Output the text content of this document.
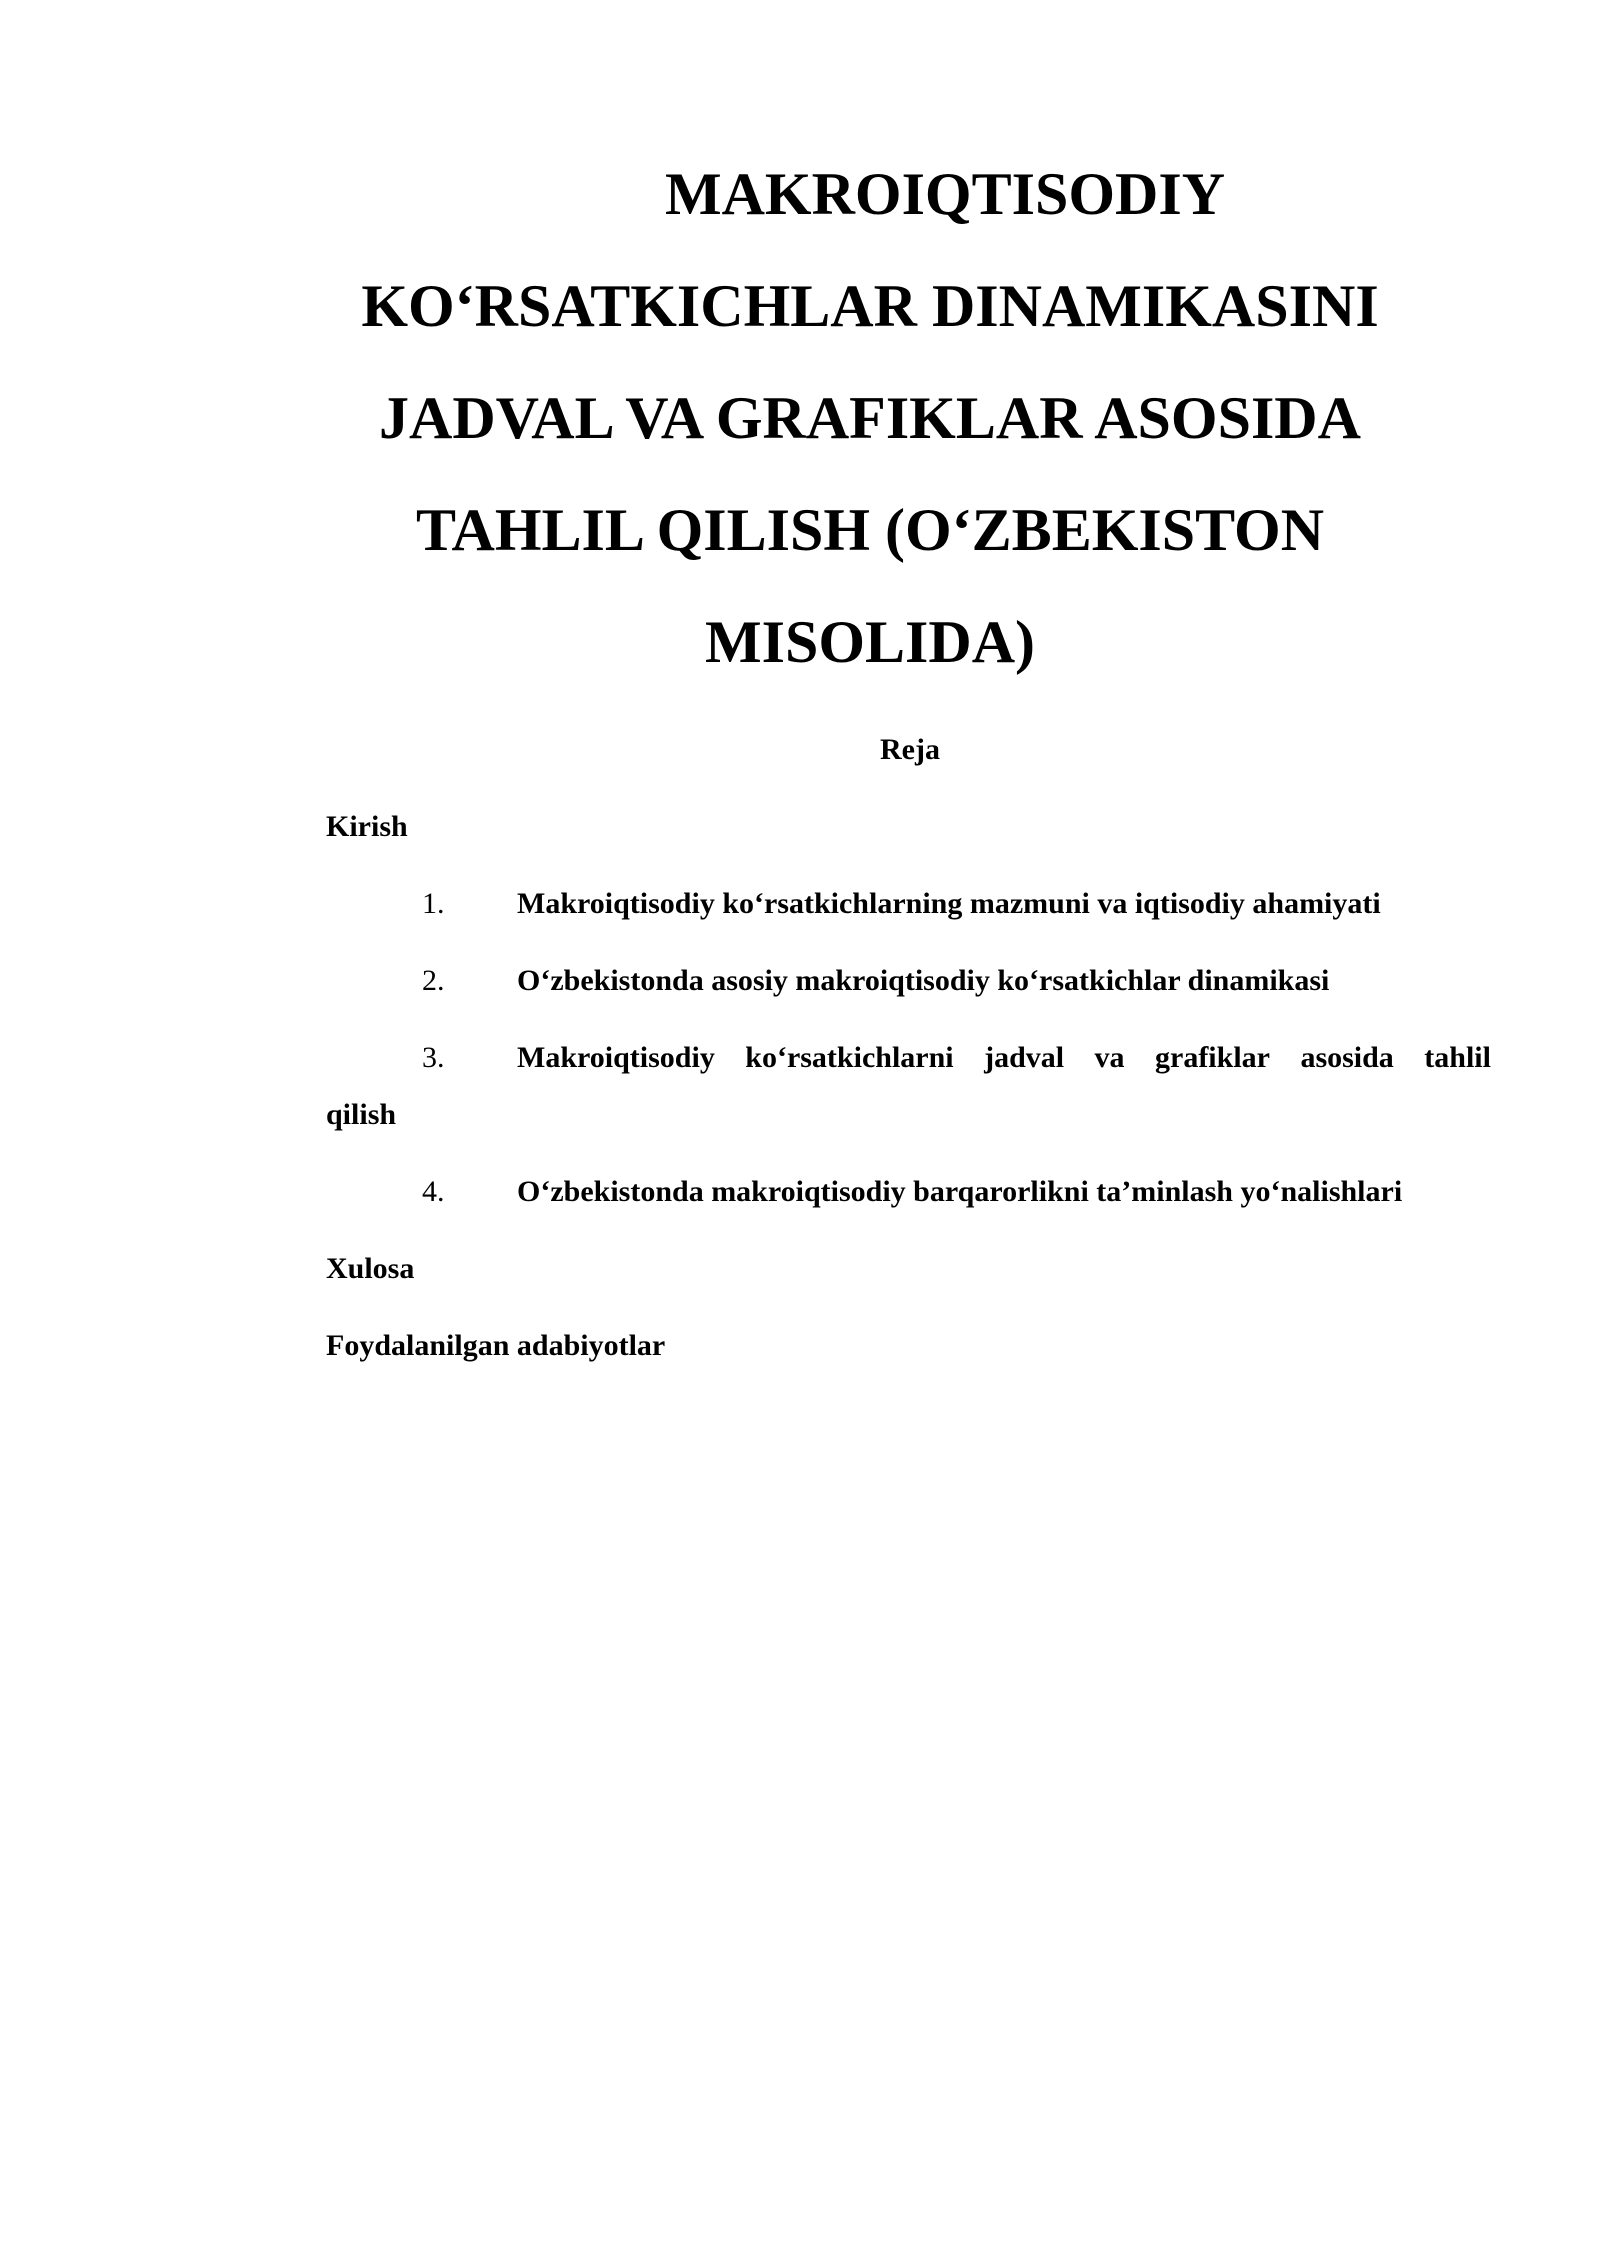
MAKROIQTISODIY
KO‘RSATKICHLAR DINAMIKASINI
JADVAL VA GRAFIKLAR ASOSIDA
TAHLIL QILISH (O‘ZBEKISTON
MISOLIDA)

Reja

Kirish

1.	Makroiqtisodiy ko‘rsatkichlarning mazmuni va iqtisodiy ahamiyati
2.	O‘zbekistonda asosiy makroiqtisodiy ko‘rsatkichlar dinamikasi
3. Makroiqtisodiy ko‘rsatkichlarni jadval va grafiklar asosida tahlil
qilish
4.	O‘zbekistonda makroiqtisodiy barqarorlikni ta’minlash yo‘nalishlari

Xulosa

Foydalanilgan adabiyotlar
